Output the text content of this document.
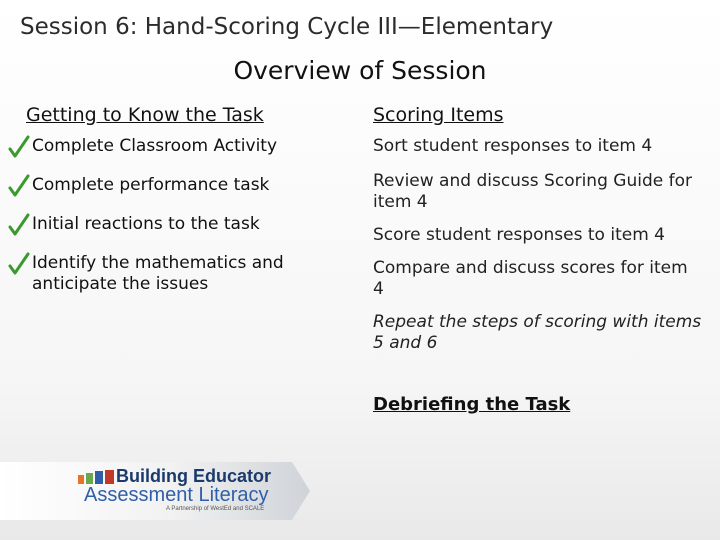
Session 6: Hand-Scoring Cycle III—Elementary
Overview of Session
Getting to Know the Task
Complete Classroom Activity
Complete performance task
Initial reactions to the task
Identify the mathematics and anticipate the issues
Scoring Items
Sort student responses to item 4
Review and discuss Scoring Guide for item 4
Score student responses to item 4
Compare and discuss scores for item 4
Repeat the steps of scoring with items 5 and 6
Debriefing the Task
Building Educator
Assessment Literacy
A Partnership of WestEd and SCALE
